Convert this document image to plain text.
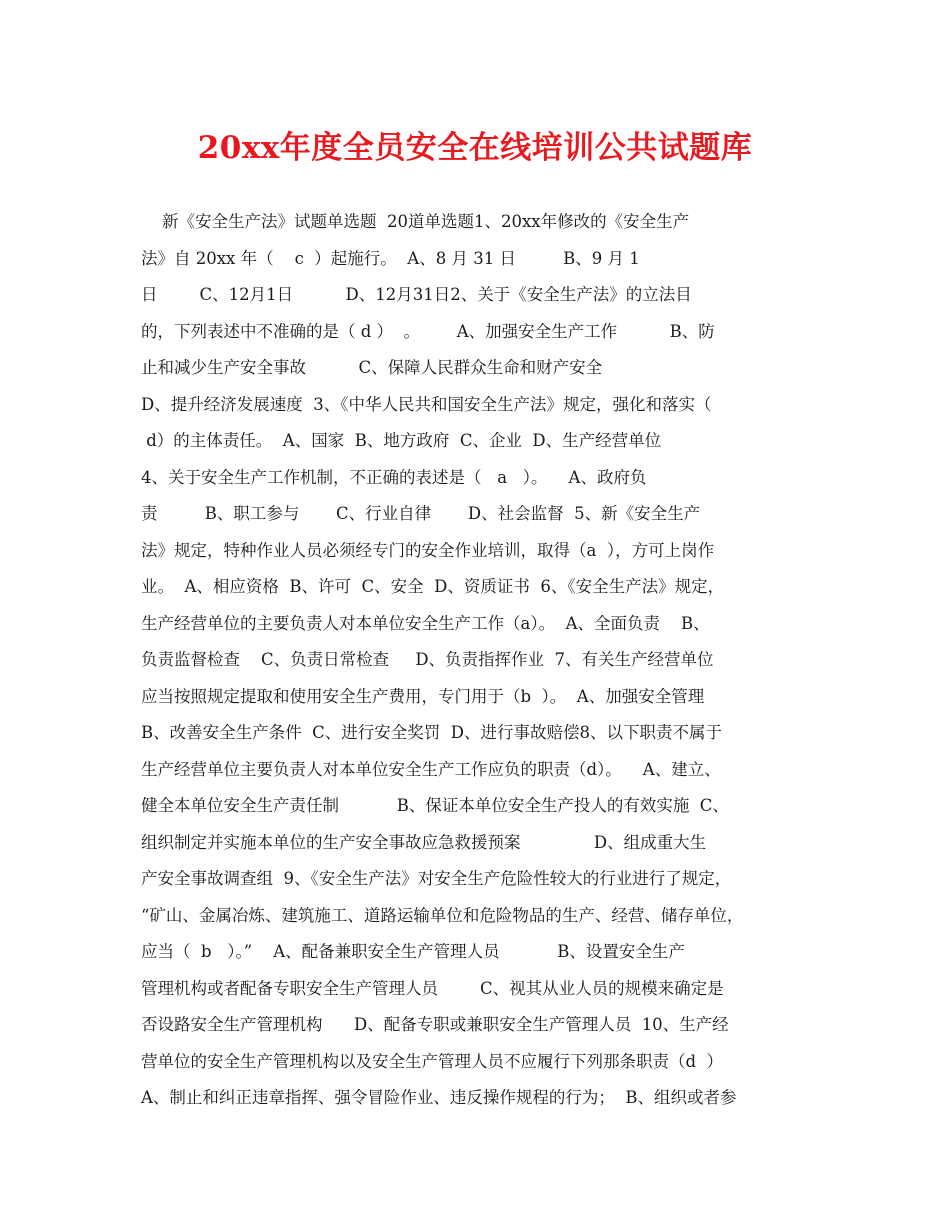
20xx年度全员安全在线培训公共试题库
新《安全生产法》试题单选题  20道单选题1、20xx年修改的《安全生产
法》自 20xx 年（    c  ）起施行。  A、8 月 31 日         B、9 月 1
日        C、12月1日          D、12月31日2、关于《安全生产法》的立法目
的，下列表述中不准确的是（ d ）  。       A、加强安全生产工作          B、防
止和减少生产安全事故          C、保障人民群众生命和财产安全
D、提升经济发展速度  3、《中华人民共和国安全生产法》规定，强化和落实（
d）的主体责任。  A、国家  B、地方政府  C、企业  D、生产经营单位
4、关于安全生产工作机制，不正确的表述是（   a   ）。    A、政府负
责         B、职工参与       C、行业自律       D、社会监督  5、新《安全生产
法》规定，特种作业人员必须经专门的安全作业培训，取得（a  ），方可上岗作
业。  A、相应资格  B、许可  C、安全  D、资质证书  6、《安全生产法》规定，
生产经营单位的主要负责人对本单位安全生产工作（a）。  A、全面负责    B、
负责监督检查    C、负责日常检查     D、负责指挥作业  7、有关生产经营单位
应当按照规定提取和使用安全生产费用，专门用于（b  ）。  A、加强安全管理
B、改善安全生产条件  C、进行安全奖罚  D、进行事故赔偿8、以下职责不属于
生产经营单位主要负责人对本单位安全生产工作应负的职责（d）。    A、建立、
健全本单位安全生产责任制           B、保证本单位安全生产投人的有效实施  C、
组织制定并实施本单位的生产安全事故应急救援预案              D、组成重大生
产安全事故调查组  9、《安全生产法》对安全生产危险性较大的行业进行了规定，
“矿山、金属冶炼、建筑施工、道路运输单位和危险物品的生产、经营、储存单位，
应当（  b   ）。”    A、配备兼职安全生产管理人员           B、设置安全生产
管理机构或者配备专职安全生产管理人员        C、视其从业人员的规模来确定是
否设路安全生产管理机构      D、配备专职或兼职安全生产管理人员  10、生产经
营单位的安全生产管理机构以及安全生产管理人员不应履行下列那条职责（d  ）
A、制止和纠正违章指挥、强令冒险作业、违反操作规程的行为；  B、组织或者参
